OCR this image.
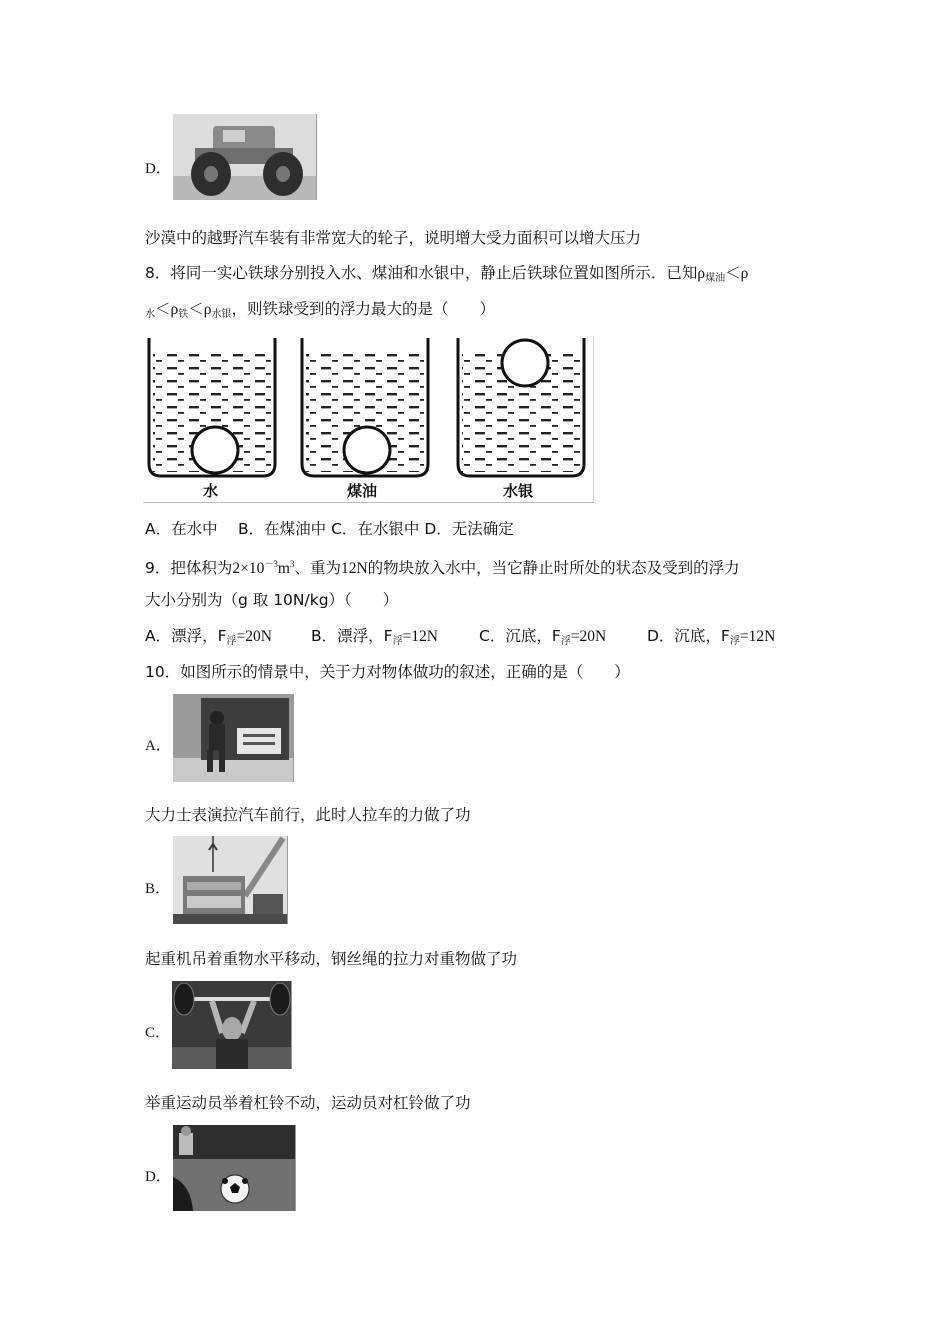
D．
沙漠中的越野汽车装有非常宽大的轮子，说明增大受力面积可以增大压力
8．将同一实心铁球分别投入水、煤油和水银中，静止后铁球位置如图所示．已知$\rho_{煤油}<\rho$
$_水<\rho_铁<\rho_{水银}$，则铁球受到的浮力最大的是（　　）
水	煤油	水银
A．在水中　 B．在煤油中 C．在水银中 D．无法确定
9．把体积为$2\times 10^{-3}m^3$、重为12N的物块放入水中，当它静止时所处的状态及受到的浮力
大小分别为（g 取 10N/kg）（　　）
A．漂浮，$F_浮=20N$	B．漂浮，$F_浮=12N$	C．沉底，$F_浮=20N$	D．沉底，$F_浮=12N$
10．如图所示的情景中，关于力对物体做功的叙述，正确的是（　　）
A．
大力士表演拉汽车前行，此时人拉车的力做了功
B．
起重机吊着重物水平移动，钢丝绳的拉力对重物做了功
C．
举重运动员举着杠铃不动，运动员对杠铃做了功
D．
